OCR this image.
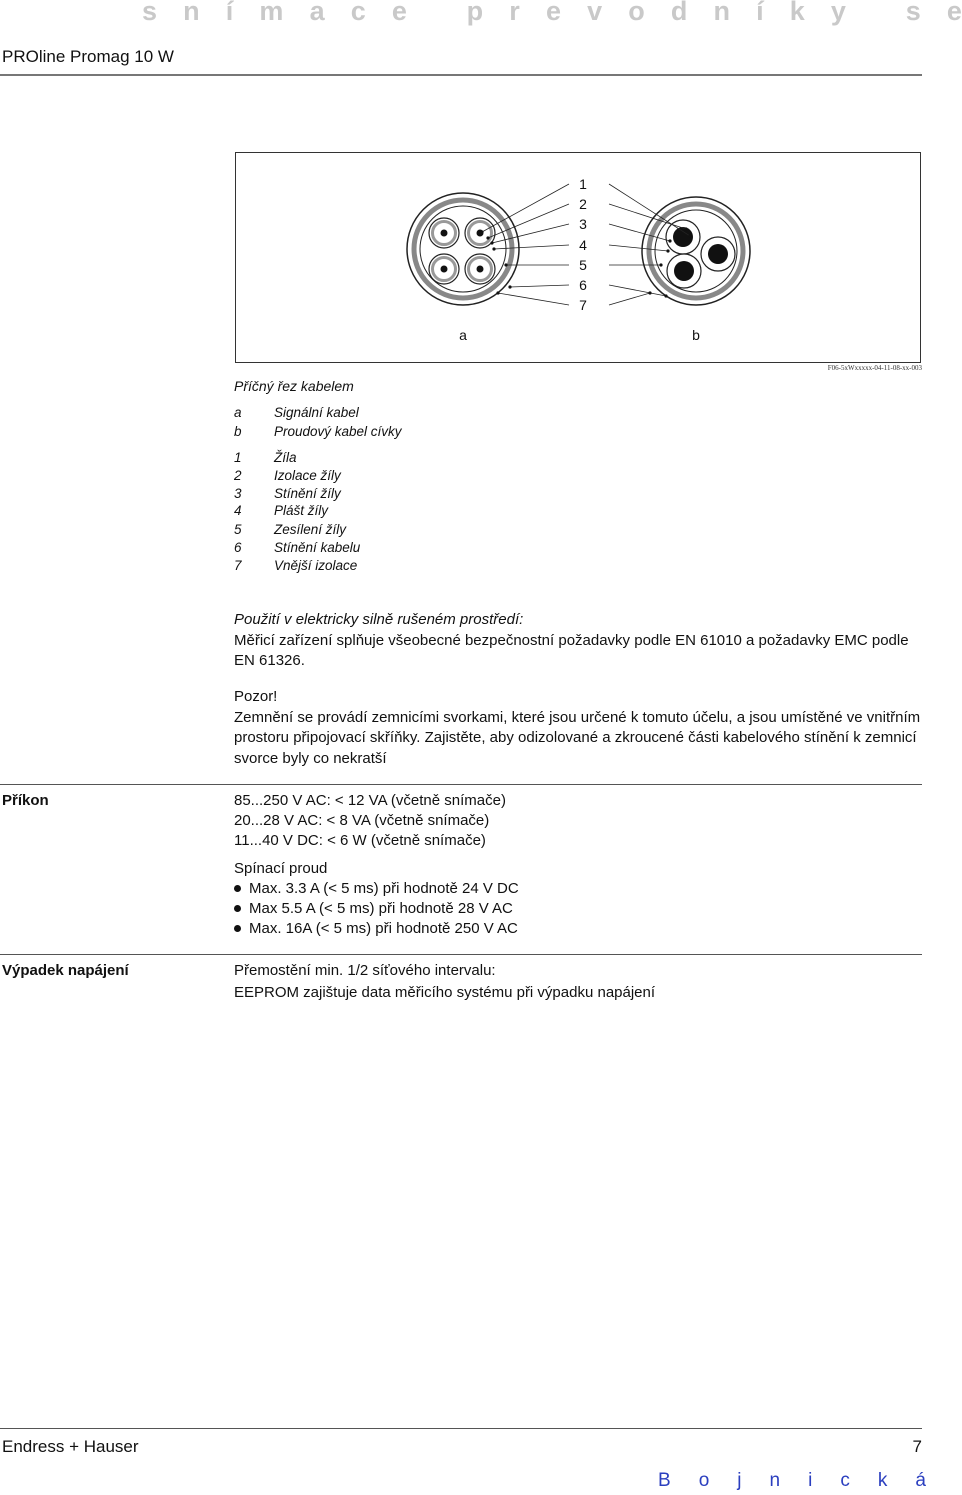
s n í m a c e
p r e v o d n í k y
s e
PROline Promag 10 W
1
2
3
4
5
6
7
a	b
F06-5xWxxxxx-04-11-08-xx-003
Příčný řez kabelem
a	Signální kabel
b	Proudový kabel cívky
1	Žíla
2	Izolace žíly
3	Stínění žíly
4	Plášt žíly
5	Zesílení žíly
6	Stínění kabelu
7	Vnější izolace
Použití v elektricky silně rušeném prostředí:
Měřicí zařízení splňuje všeobecné bezpečnostní požadavky podle EN 61010 a požadavky EMC podle EN 61326.
Pozor!
Zemnění se provádí zemnicími svorkami, které jsou určené k tomuto účelu, a jsou umístěné ve vnitřním prostoru připojovací skříňky. Zajistěte, aby odizolované a zkroucené části kabelového stínění k zemnicí svorce byly co nekratší
Příkon	85...250 V AC: < 12 VA (včetně snímače)
20...28 V AC: < 8 VA (včetně snímače)
11...40 V DC: < 6 W (včetně snímače)
Spínací proud
Max. 3.3 A (< 5 ms) při hodnotě 24 V DC
Max 5.5 A (< 5 ms) při hodnotě 28 V AC
Max. 16A (< 5 ms) při hodnotě 250 V AC
Výpadek napájení	Přemostění min. 1/2 síťového intervalu:
EEPROM zajištuje data měřicího systému při výpadku napájení
Endress + Hauser	7
B o j n i c k á
